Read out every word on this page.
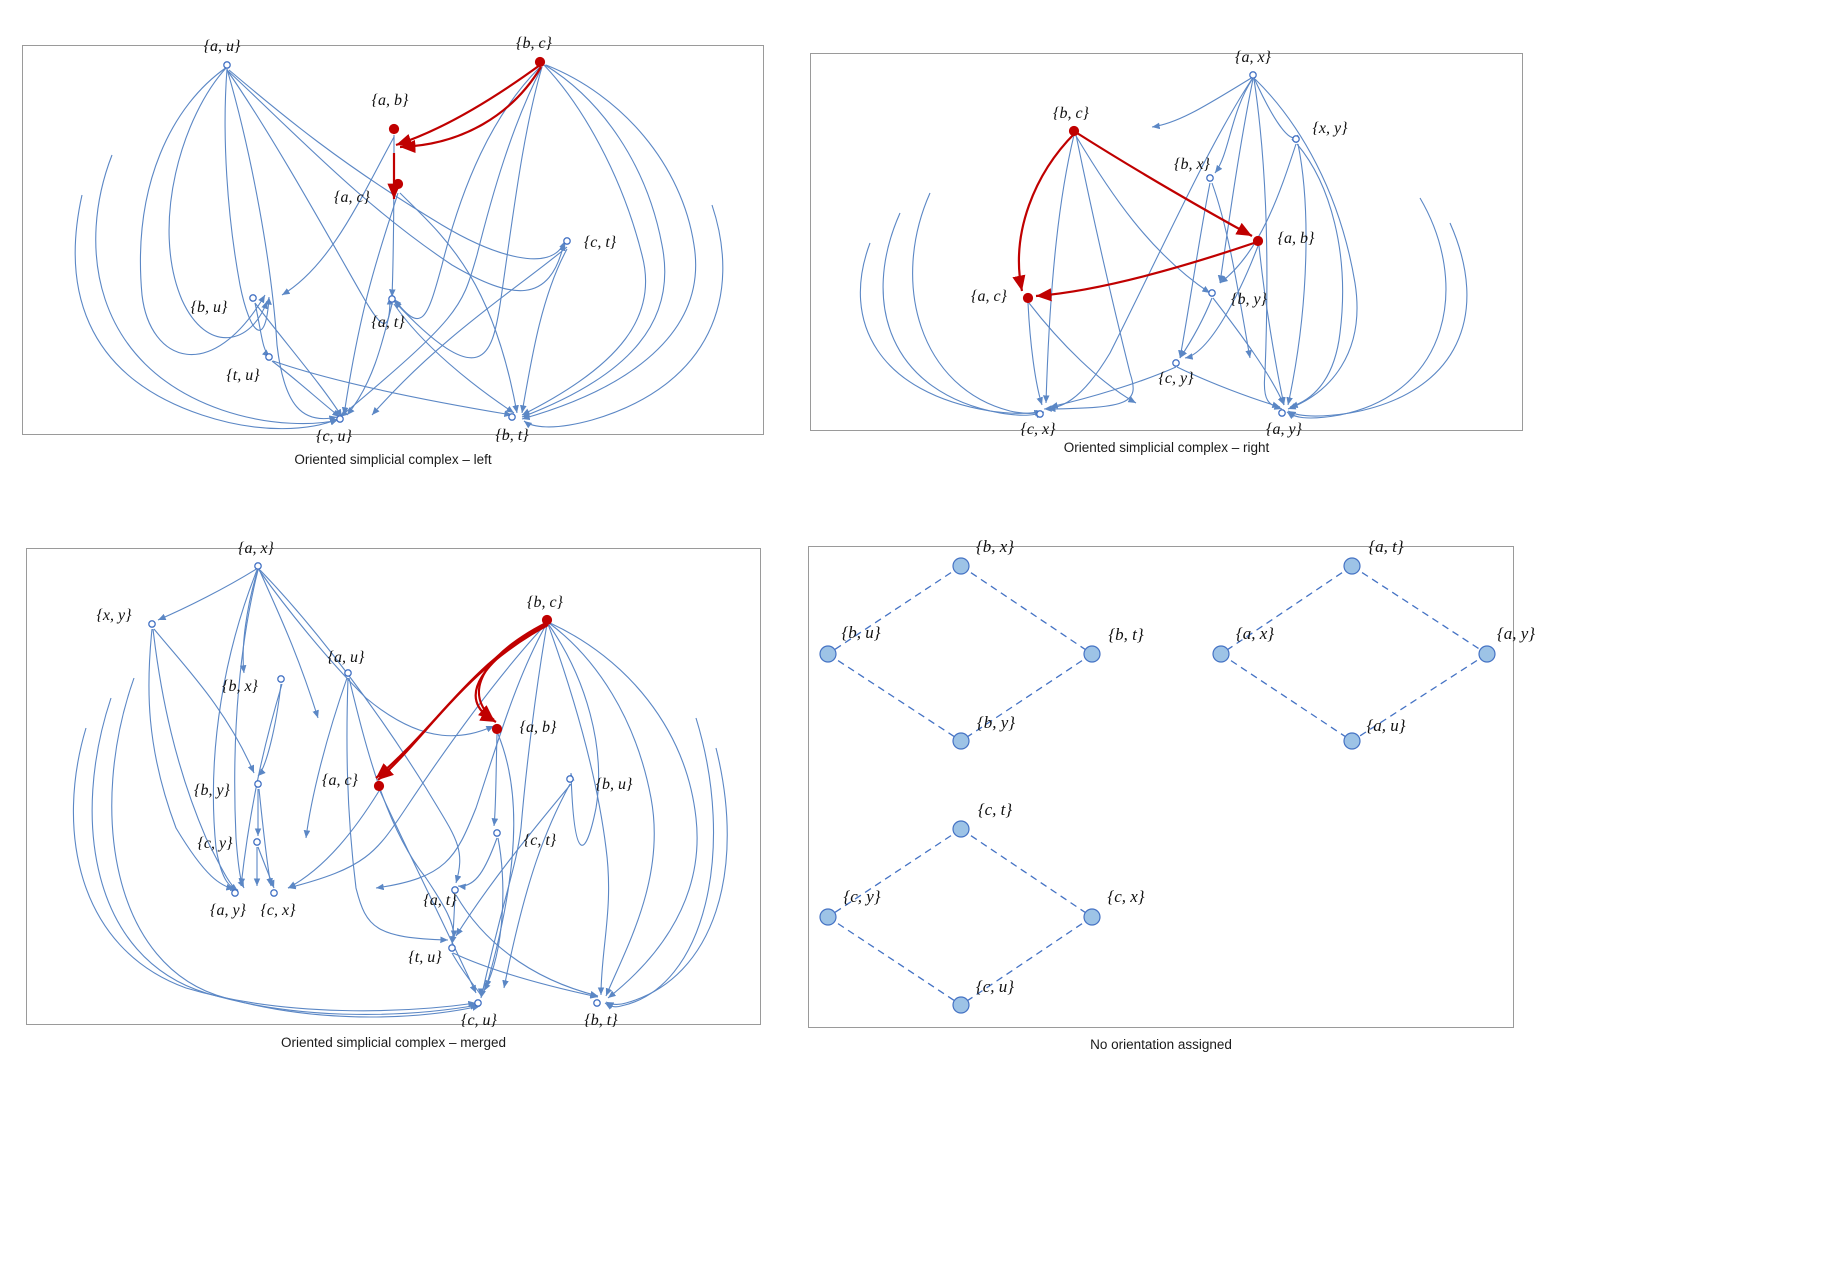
{a, u}	{b, c}
{a, b}
{a, c}
{c, t}
{b, u}
{a, t}
{t, u}
{c, u}	{b, t}
Oriented simplicial complex – left
{a, x}
{b, c}
{x, y}
{b, x}
{a, b}
{a, c}	{b, y}
{c, y}
{c, x}	{a, y}
Oriented simplicial complex – right
{a, x}
{b, c}
{x, y}
{a, u}
{b, x}
{a, b}
{b, y}
{a, c}	{b, u}
{c, y}	{c, t}
{a, t}
{a, y} {c, x}
{t, u}
{c, u}	{b, t}
Oriented simplicial complex – merged
{b, x}
{b, u}	{b, t}
{b, y}
{a, t}
{a, x}	{a, y}
{a, u}
{c, t}
{c, y}	{c, x}
{c, u}
No orientation assigned
